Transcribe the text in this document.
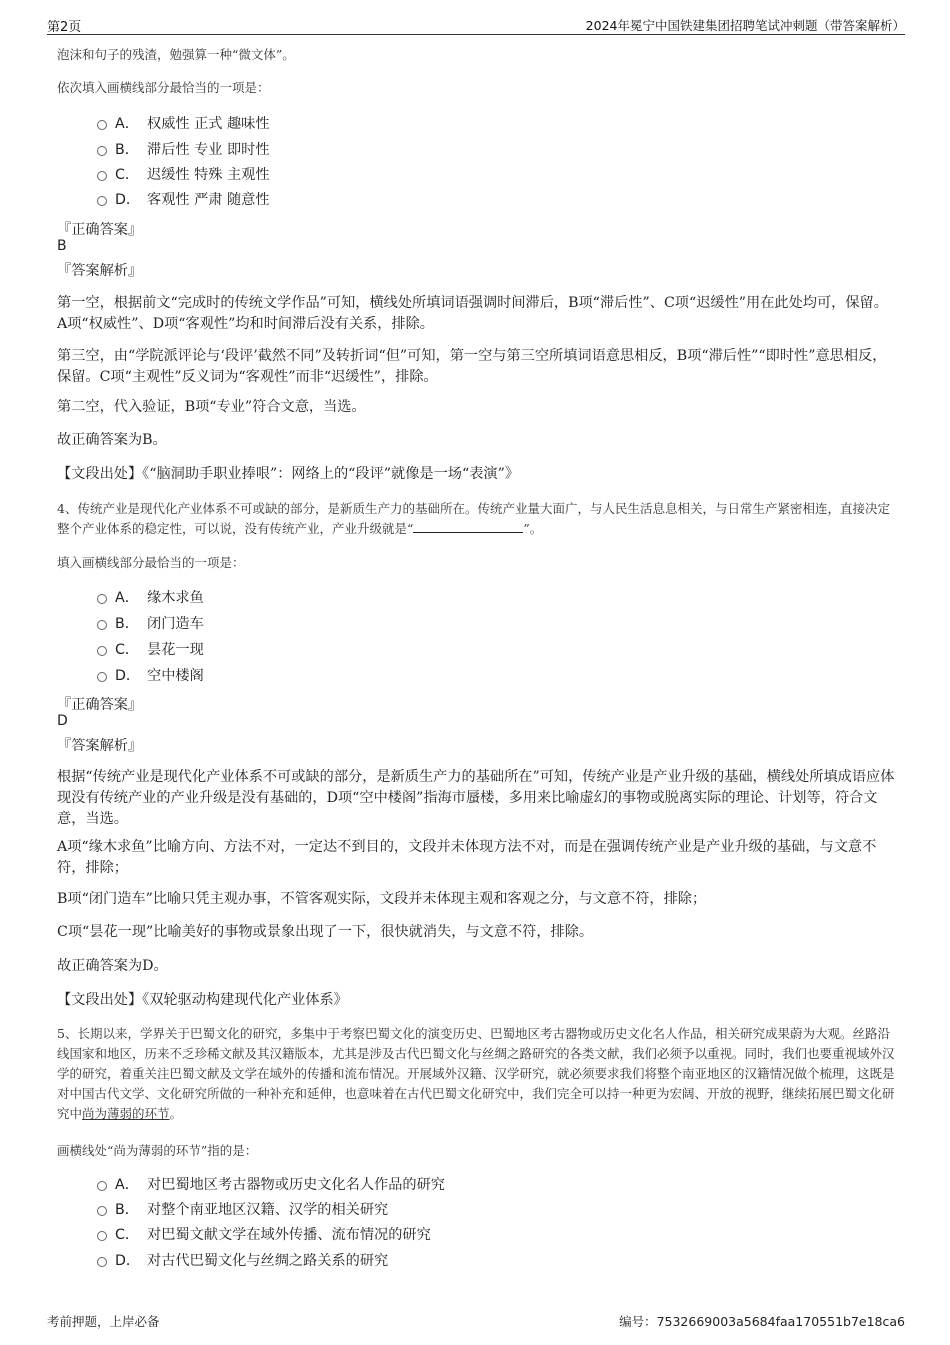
第2页	2024年冕宁中国铁建集团招聘笔试冲刺题（带答案解析）
泡沫和句子的残渣，勉强算一种“微文体”。
依次填入画横线部分最恰当的一项是：
A． 权威性 正式 趣味性
B． 滞后性 专业 即时性
C． 迟缓性 特殊 主观性
D． 客观性 严肃 随意性
『正确答案』
B
『答案解析』
第一空，根据前文“完成时的传统文学作品”可知，横线处所填词语强调时间滞后，B项“滞后性”、C项“迟缓性”用在此处均可，保留。A项“权威性”、D项“客观性”均和时间滞后没有关系，排除。
第三空，由“学院派评论与‘段评’截然不同”及转折词“但”可知，第一空与第三空所填词语意思相反，B项“滞后性”“即时性”意思相反，保留。C项“主观性”反义词为“客观性”而非“迟缓性”，排除。
第二空，代入验证，B项“专业”符合文意，当选。
故正确答案为B。
【文段出处】《“脑洞助手职业捧哏”：网络上的“段评”就像是一场“表演”》
4、传统产业是现代化产业体系不可或缺的部分，是新质生产力的基础所在。传统产业量大面广，与人民生活息息相关，与日常生产紧密相连，直接决定整个产业体系的稳定性，可以说，没有传统产业，产业升级就是“	”。
填入画横线部分最恰当的一项是：
A． 缘木求鱼
B． 闭门造车
C． 昙花一现
D． 空中楼阁
『正确答案』
D
『答案解析』
根据“传统产业是现代化产业体系不可或缺的部分，是新质生产力的基础所在”可知，传统产业是产业升级的基础，横线处所填成语应体现没有传统产业的产业升级是没有基础的，D项“空中楼阁”指海市蜃楼，多用来比喻虚幻的事物或脱离实际的理论、计划等，符合文意，当选。
A项“缘木求鱼”比喻方向、方法不对，一定达不到目的，文段并未体现方法不对，而是在强调传统产业是产业升级的基础，与文意不符，排除；
B项“闭门造车”比喻只凭主观办事，不管客观实际，文段并未体现主观和客观之分，与文意不符，排除；
C项“昙花一现”比喻美好的事物或景象出现了一下，很快就消失，与文意不符，排除。
故正确答案为D。
【文段出处】《双轮驱动构建现代化产业体系》
5、长期以来，学界关于巴蜀文化的研究，多集中于考察巴蜀文化的演变历史、巴蜀地区考古器物或历史文化名人作品，相关研究成果蔚为大观。丝路沿线国家和地区，历来不乏珍稀文献及其汉籍版本，尤其是涉及古代巴蜀文化与丝绸之路研究的各类文献，我们必须予以重视。同时，我们也要重视域外汉学的研究，着重关注巴蜀文献及文学在域外的传播和流布情况。开展域外汉籍、汉学研究，就必须要求我们将整个南亚地区的汉籍情况做个梳理，这既是对中国古代文学、文化研究所做的一种补充和延伸，也意味着在古代巴蜀文化研究中，我们完全可以持一种更为宏阔、开放的视野，继续拓展巴蜀文化研究中尚为薄弱的环节。
画横线处“尚为薄弱的环节”指的是：
A． 对巴蜀地区考古器物或历史文化名人作品的研究
B． 对整个南亚地区汉籍、汉学的相关研究
C． 对巴蜀文献文学在域外传播、流布情况的研究
D． 对古代巴蜀文化与丝绸之路关系的研究
考前押题，上岸必备	编号：7532669003a5684faa170551b7e18ca6
